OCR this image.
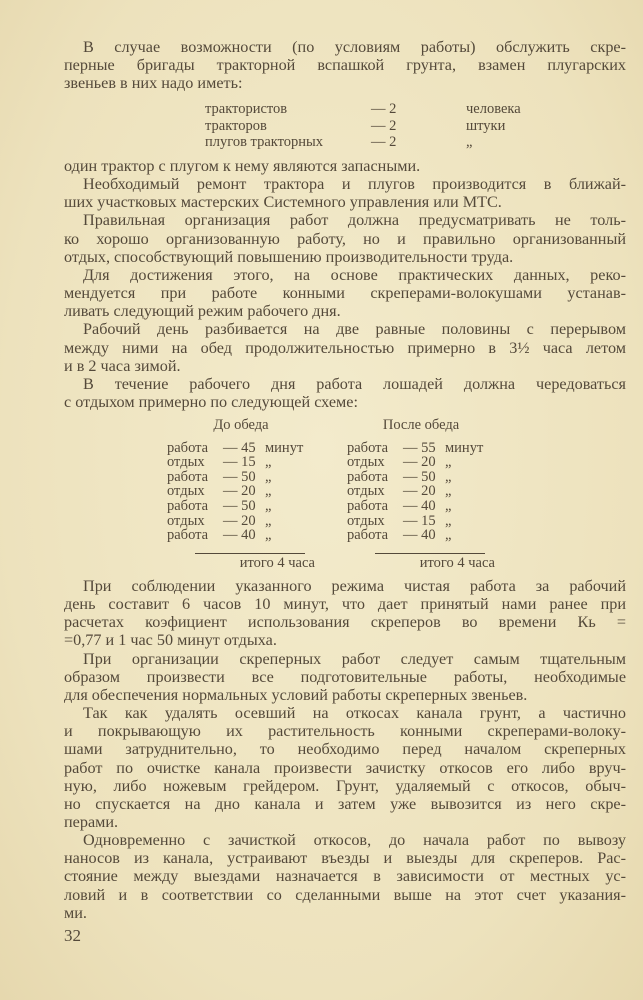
В случае возможности (по условиям работы) обслужить скре-
перные бригады тракторной вспашкой грунта, взамен плугарских
звеньев в них надо иметь:
трактористов	— 2	человека
тракторов	— 2	штуки
плугов тракторных	— 2	„
один трактор с плугом к нему являются запасными.
Необходимый ремонт трактора и плугов производится в ближай-
ших участковых мастерских Системного управления или МТС.
Правильная организация работ должна предусматривать не толь-
ко хорошо организованную работу, но и правильно организованный
отдых, способствующий повышению производительности труда.
Для достижения этого, на основе практических данных, реко-
мендуется при работе конными скреперами-волокушами устанав-
ливать следующий режим рабочего дня.
Рабочий день разбивается на две равные половины с перерывом
между ними на обед продолжительностью примерно в 3½ часа летом
и в 2 часа зимой.
В течение рабочего дня работа лошадей должна чередоваться
с отдыхом примерно по следующей схеме:
До обеда
работа	— 45 минут
отдых	— 15 „
работа	— 50 „
отдых	— 20 „
работа	— 50 „
отдых	— 20 „
работа	— 40 „
итого 4 часа
После обеда
работа	— 55 минут
отдых	— 20 „
работа	— 50 „
отдых	— 20 „
работа	— 40 „
отдых	— 15 „
работа	— 40 „
итого 4 часа
При соблюдении указанного режима чистая работа за рабочий
день составит 6 часов 10 минут, что дает принятый нами ранее при
расчетах коэфициент использования скреперов во времени Кь =
=0,77 и 1 час 50 минут отдыха.
При организации скреперных работ следует самым тщательным
образом произвести все подготовительные работы, необходимые
для обеспечения нормальных условий работы скреперных звеньев.
Так как удалять осевший на откосах канала грунт, а частично
и покрывающую их растительность конными скреперами-волоку-
шами затруднительно, то необходимо перед началом скреперных
работ по очистке канала произвести зачистку откосов его либо вруч-
ную, либо ножевым грейдером. Грунт, удаляемый с откосов, обыч-
но спускается на дно канала и затем уже вывозится из него скре-
перами.
Одновременно с зачисткой откосов, до начала работ по вывозу
наносов из канала, устраивают въезды и выезды для скреперов. Рас-
стояние между выездами назначается в зависимости от местных ус-
ловий и в соответствии со сделанными выше на этот счет указания-
ми.
32
